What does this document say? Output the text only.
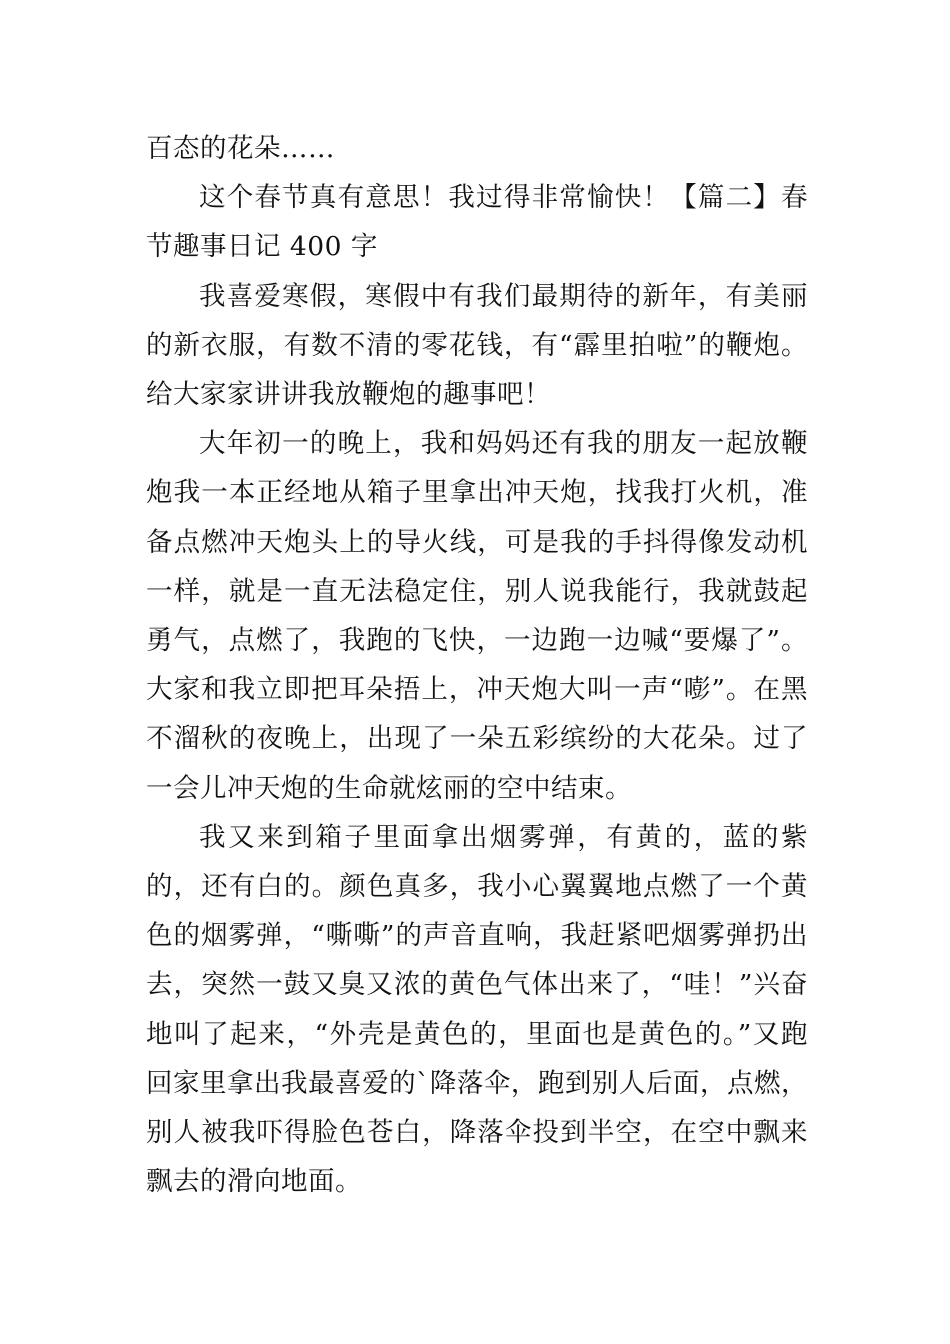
百态的花朵……

这个春节真有意思！我过得非常愉快！【篇二】春节趣事日记 400 字

我喜爱寒假，寒假中有我们最期待的新年，有美丽的新衣服，有数不清的零花钱，有“霹里拍啦”的鞭炮。给大家家讲讲我放鞭炮的趣事吧！

大年初一的晚上，我和妈妈还有我的朋友一起放鞭炮我一本正经地从箱子里拿出冲天炮，找我打火机，准备点燃冲天炮头上的导火线，可是我的手抖得像发动机一样，就是一直无法稳定住，别人说我能行，我就鼓起勇气，点燃了，我跑的飞快，一边跑一边喊“要爆了”。大家和我立即把耳朵捂上，冲天炮大叫一声“嘭”。在黑不溜秋的夜晚上，出现了一朵五彩缤纷的大花朵。过了一会儿冲天炮的生命就炫丽的空中结束。

我又来到箱子里面拿出烟雾弹，有黄的，蓝的紫的，还有白的。颜色真多，我小心翼翼地点燃了一个黄色的烟雾弹，“嘶嘶”的声音直响，我赶紧吧烟雾弹扔出去，突然一鼓又臭又浓的黄色气体出来了，“哇！”兴奋地叫了起来，“外壳是黄色的，里面也是黄色的。”又跑回家里拿出我最喜爱的`降落伞，跑到别人后面，点燃，别人被我吓得脸色苍白，降落伞投到半空，在空中飘来飘去的滑向地面。
